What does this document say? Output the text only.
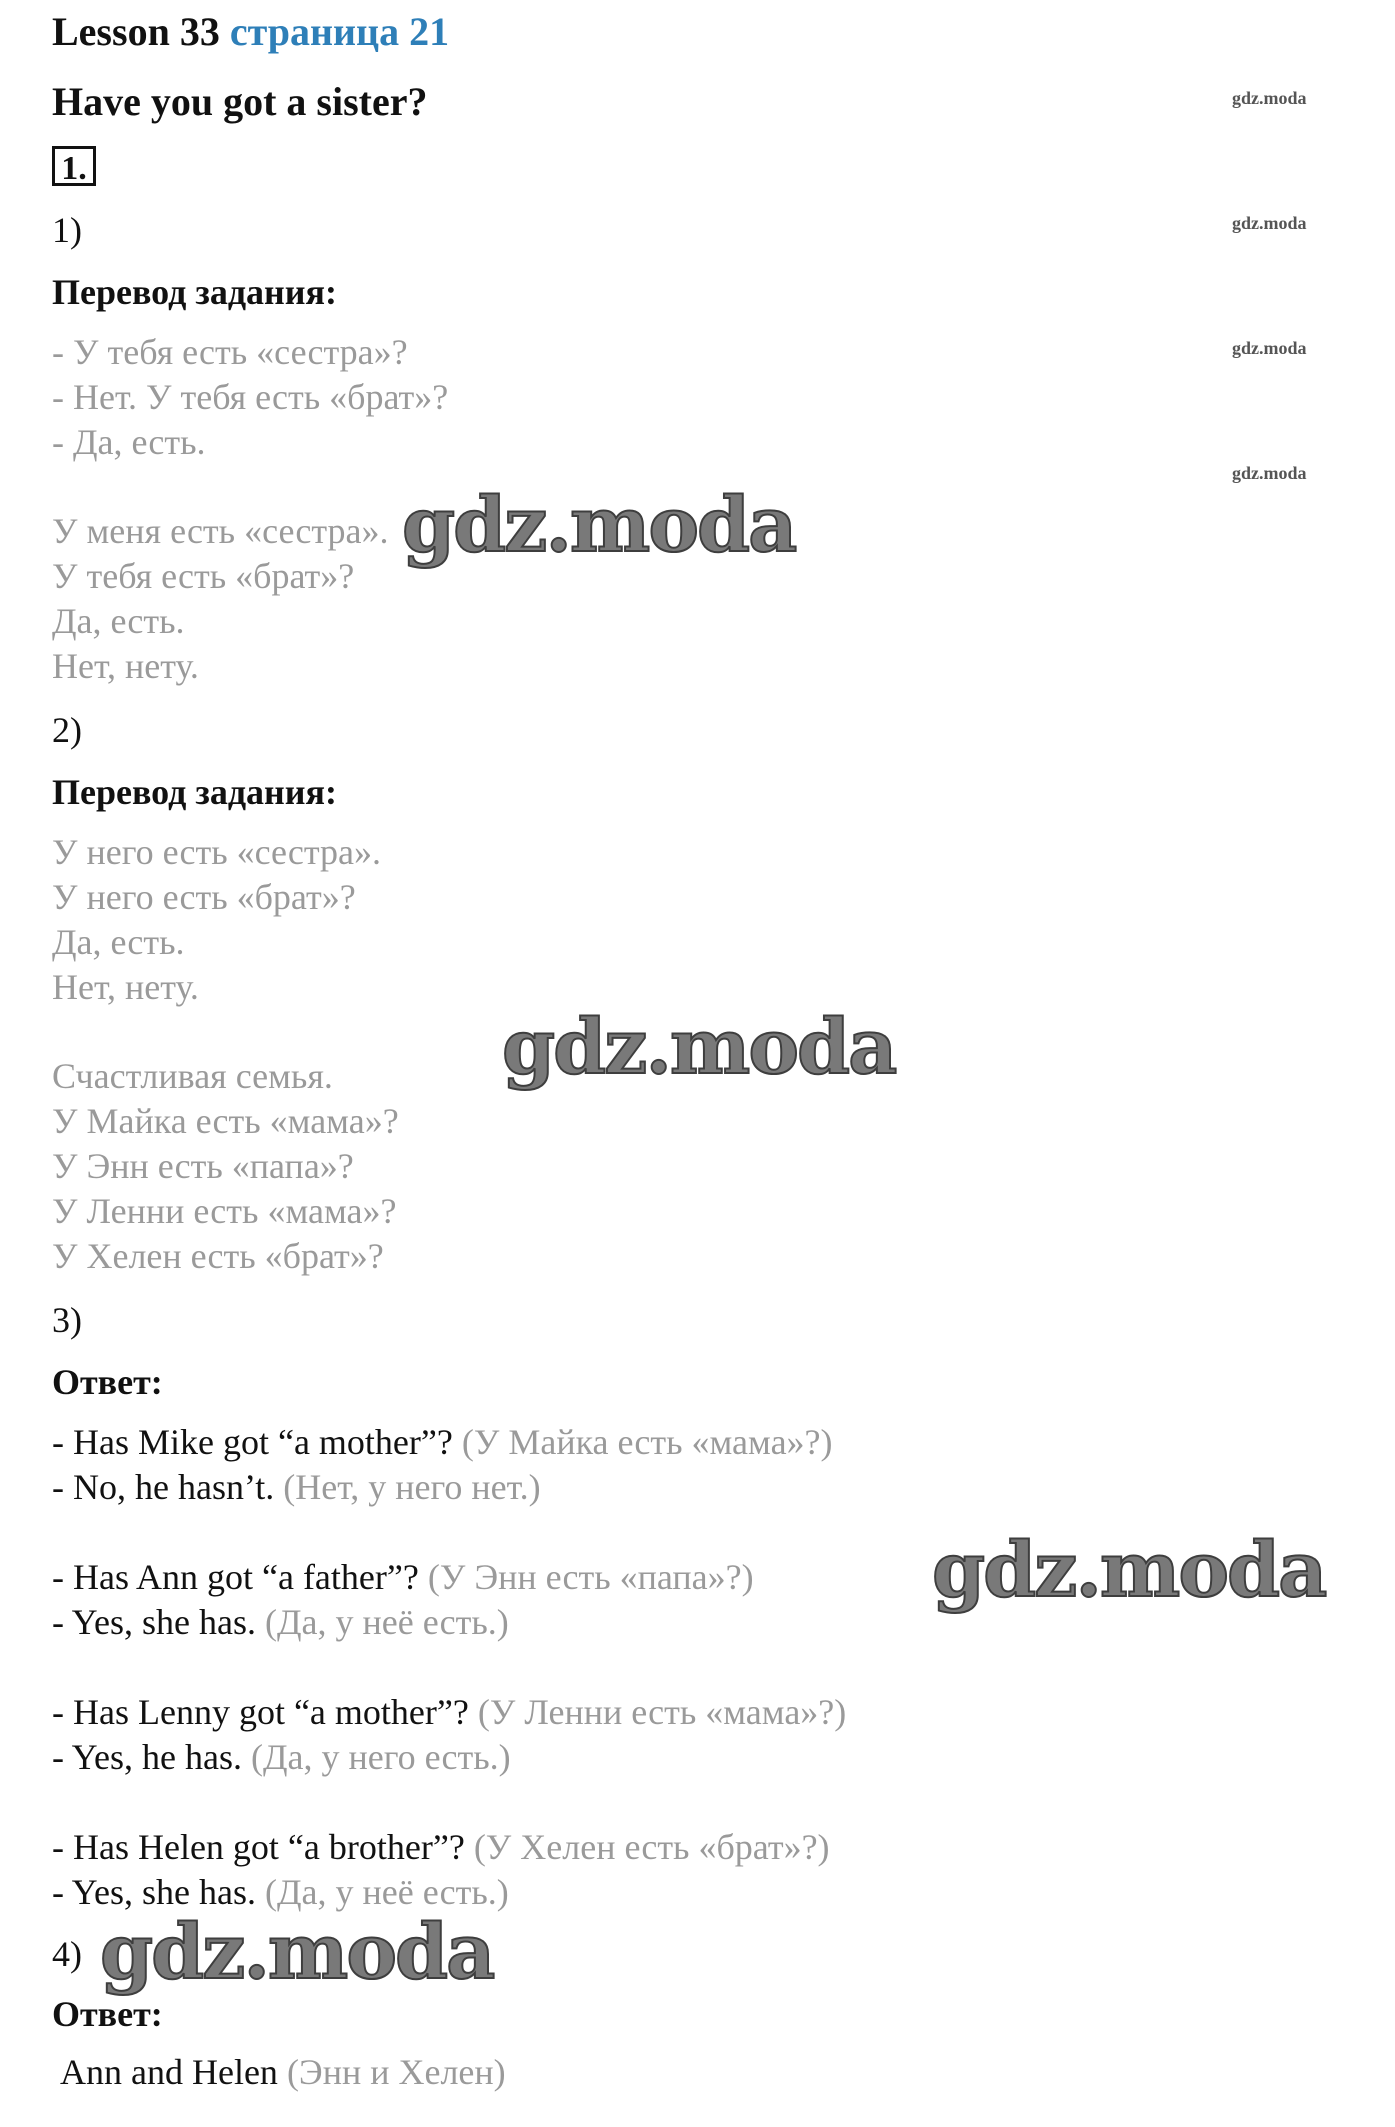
Lesson 33 страница 21
Have you got a sister?
1.
gdz.moda
gdz.moda
gdz.moda
gdz.moda
1)
Перевод задания:
- У тебя есть «сестра»?
- Нет. У тебя есть «брат»?
- Да, есть.
У меня есть «сестра».
У тебя есть «брат»?
Да, есть.
Нет, нету.
gdz.moda
2)
Перевод задания:
У него есть «сестра».
У него есть «брат»?
Да, есть.
Нет, нету.
Счастливая семья.
У Майка есть «мама»?
У Энн есть «папа»?
У Ленни есть «мама»?
У Хелен есть «брат»?
gdz.moda
3)
Ответ:
- Has Mike got “a mother”? (У Майка есть «мама»?)
- No, he hasn’t. (Нет, у него нет.)
- Has Ann got “a father”? (У Энн есть «папа»?)
- Yes, she has. (Да, у неё есть.)
- Has Lenny got “a mother”? (У Ленни есть «мама»?)
- Yes, he has. (Да, у него есть.)
- Has Helen got “a brother”? (У Хелен есть «брат»?)
- Yes, she has. (Да, у неё есть.)
gdz.moda
4) gdz.moda
Ответ:
Ann and Helen (Энн и Хелен)
